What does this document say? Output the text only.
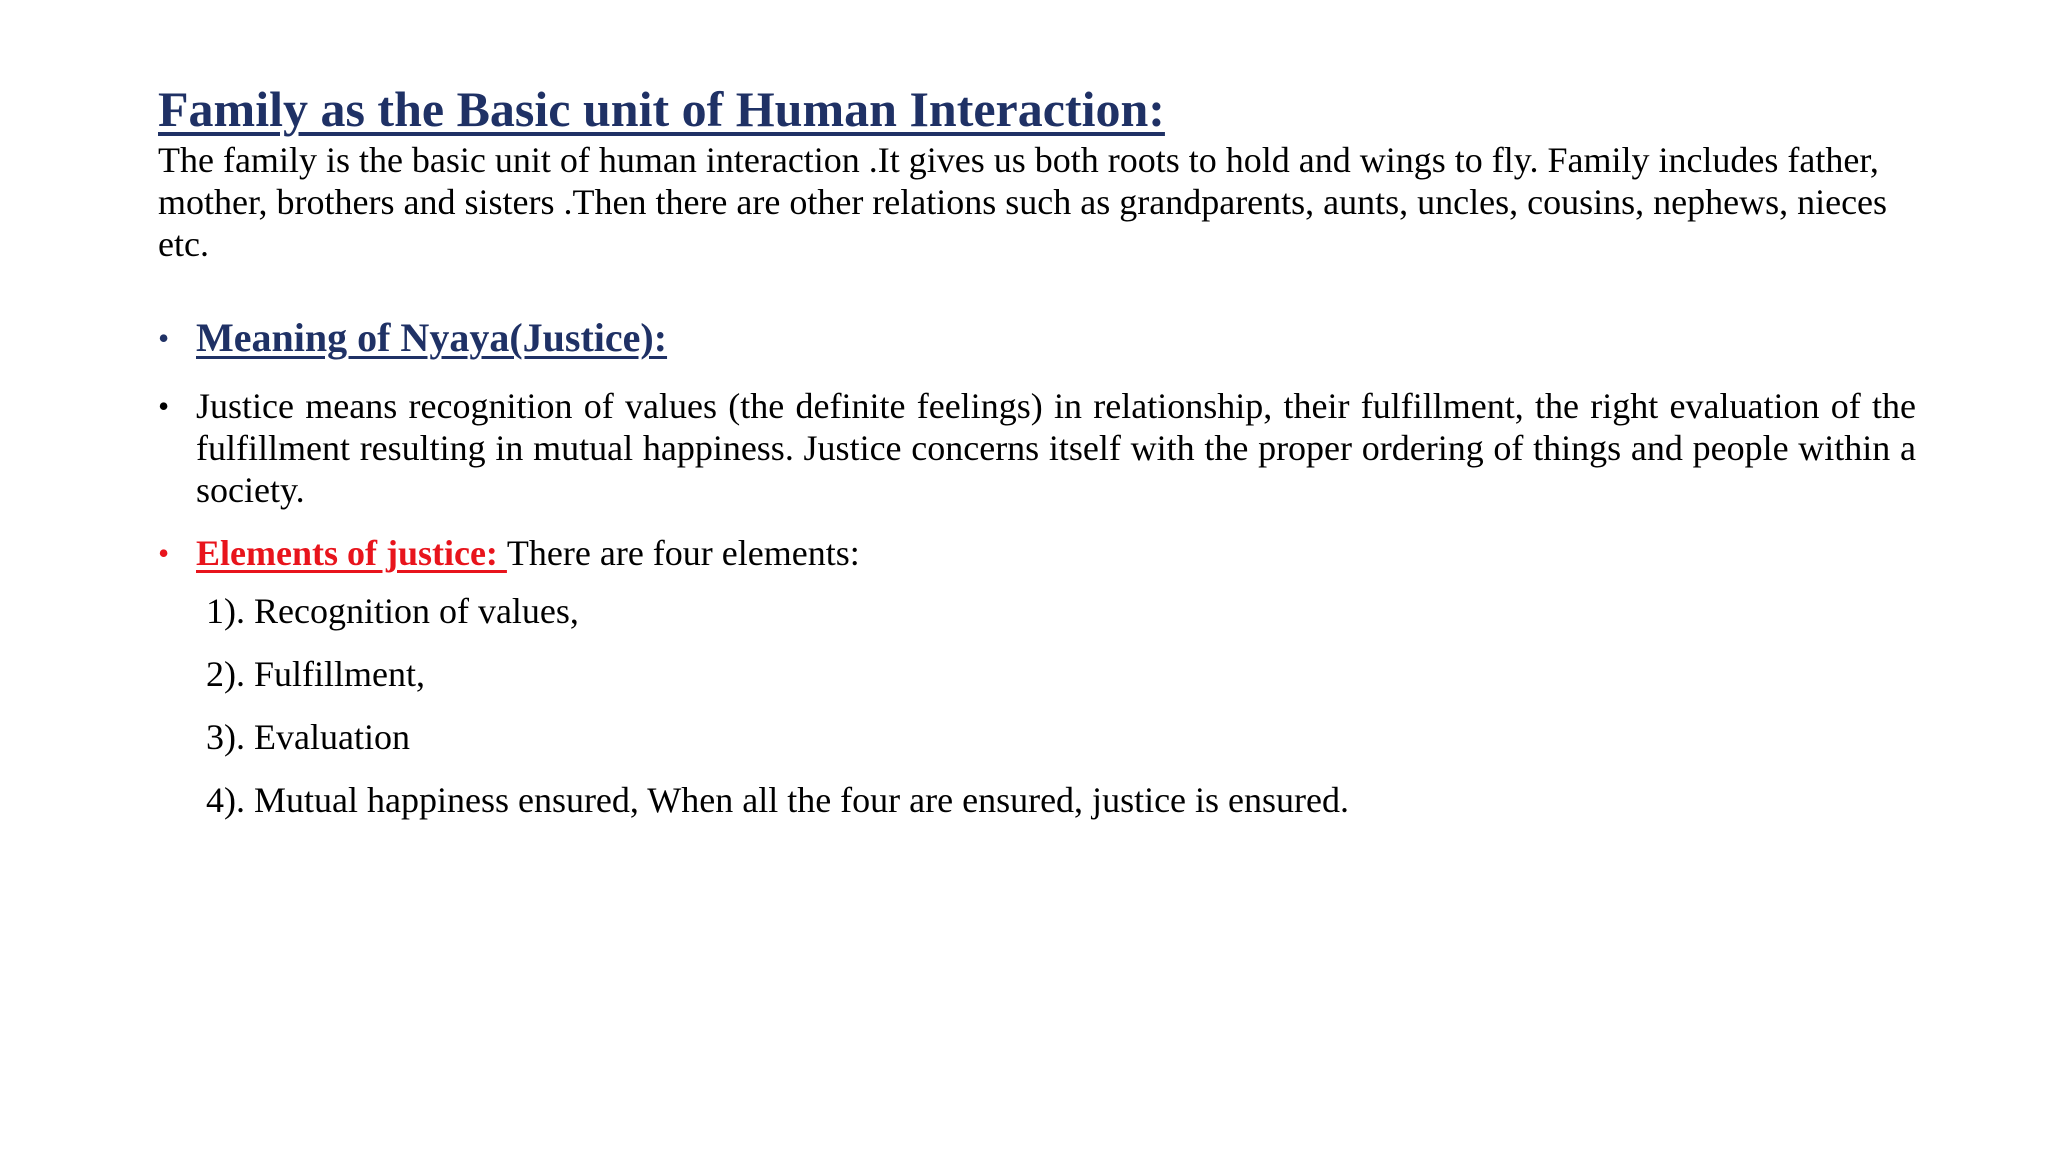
Family as the Basic unit of Human Interaction:

The family is the basic unit of human interaction .It gives us both roots to hold and wings to fly. Family includes father, mother, brothers and sisters .Then there are other relations such as grandparents, aunts, uncles, cousins, nephews, nieces etc.

• Meaning of Nyaya(Justice):
• Justice means recognition of values (the definite feelings) in relationship, their fulfillment, the right evaluation of the fulfillment resulting in mutual happiness. Justice concerns itself with the proper ordering of things and people within a society.
• Elements of justice: There are four elements:
1). Recognition of values,
2). Fulfillment,
3). Evaluation
4). Mutual happiness ensured, When all the four are ensured, justice is ensured.
